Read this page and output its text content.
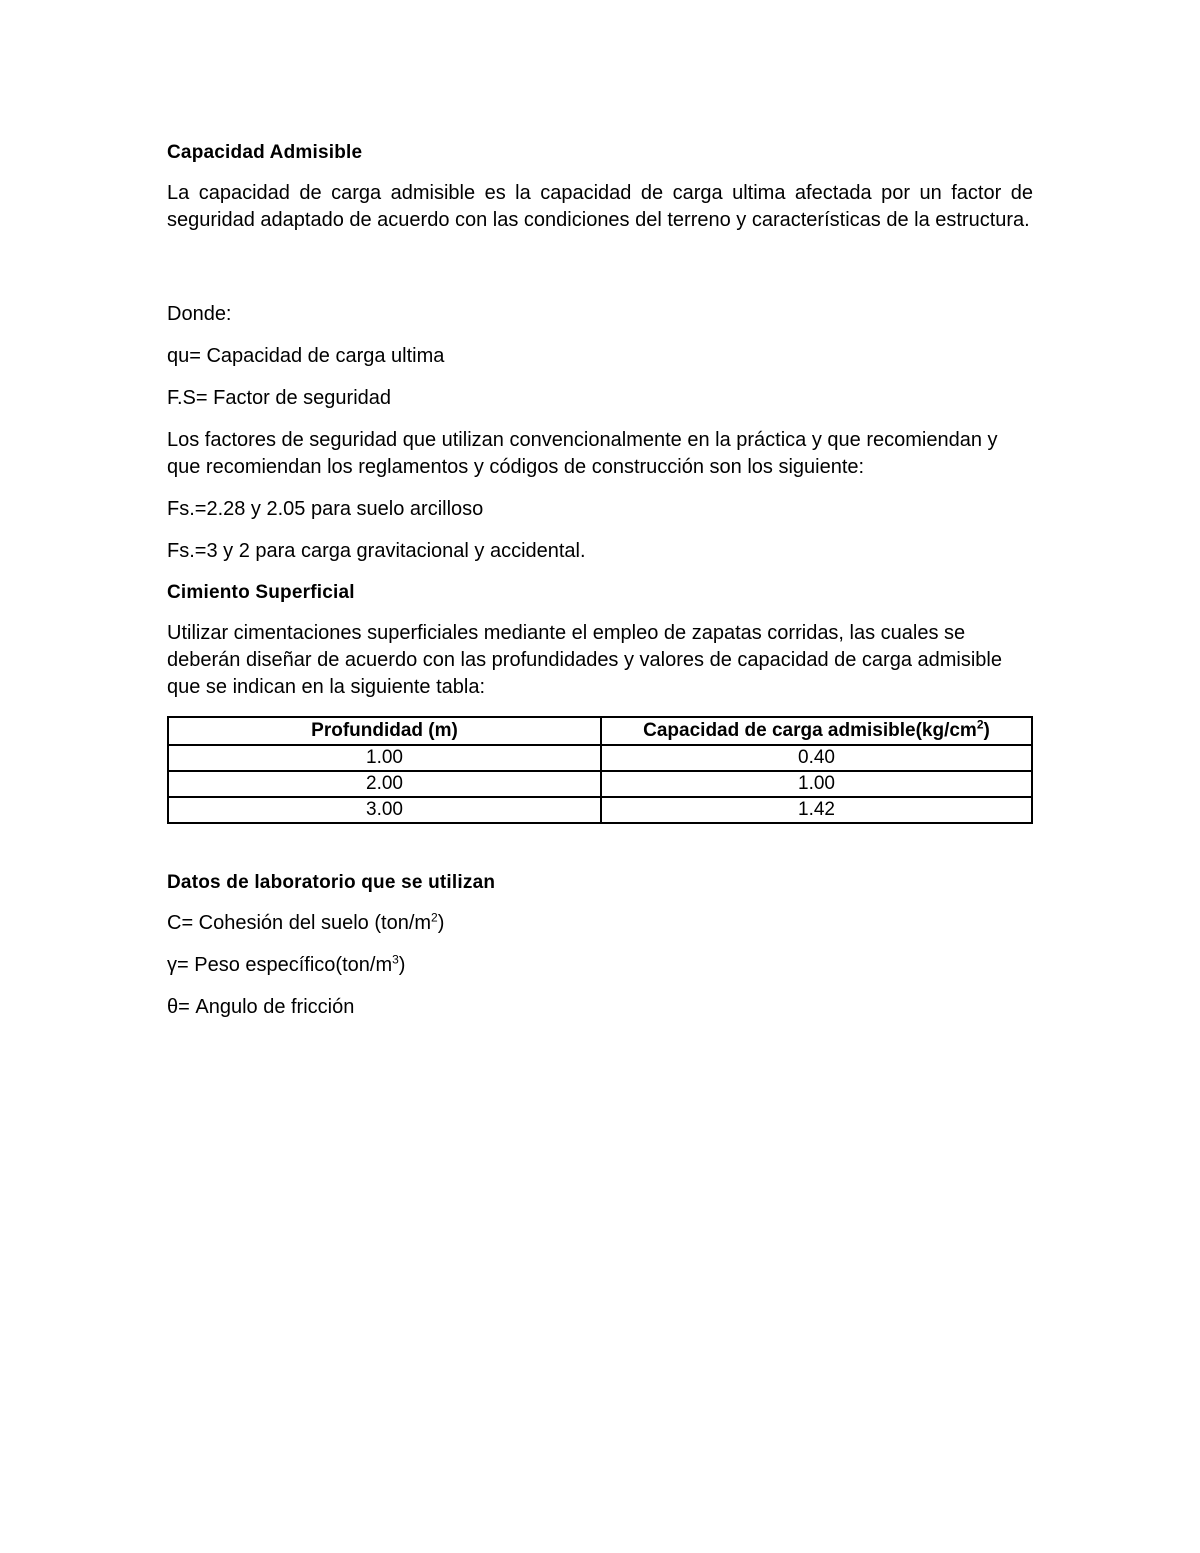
Capacidad Admisible
La capacidad de carga admisible es la capacidad de carga ultima afectada por un factor de seguridad adaptado de acuerdo con las condiciones del terreno y características de la estructura.
Donde:
qu= Capacidad de carga ultima
F.S= Factor de seguridad
Los factores de seguridad que utilizan convencionalmente en la práctica y que recomiendan y que recomiendan los reglamentos y códigos de construcción son los siguiente:
Fs.=2.28 y 2.05 para suelo arcilloso
Fs.=3 y 2 para carga gravitacional y accidental.
Cimiento Superficial
Utilizar cimentaciones superficiales mediante el empleo de zapatas corridas, las cuales se deberán diseñar de acuerdo con las profundidades y valores de capacidad de carga admisible que se indican en la siguiente tabla:
Profundidad (m)	Capacidad de carga $admisible(kg/cm^2)$
1.00	0.40
2.00	1.00
3.00	1.42
Datos de laboratorio que se utilizan
C= Cohesión del suelo $(ton/m^2)$
γ= Peso $específico(ton/m^3)$
θ= Angulo de fricción
